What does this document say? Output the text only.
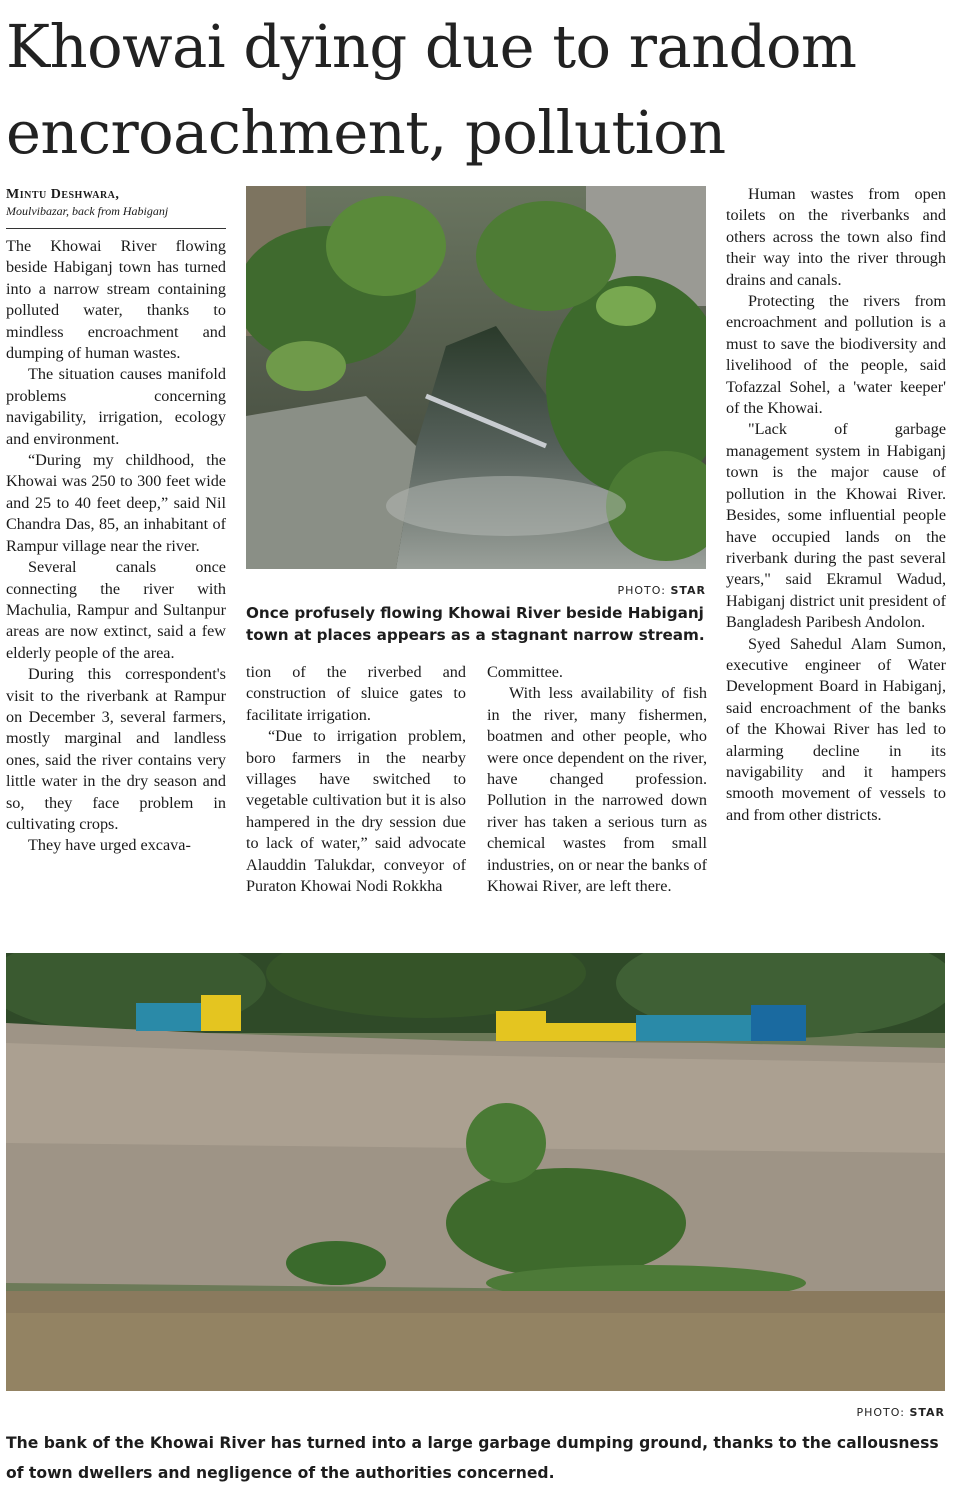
Khowai dying due to random encroachment, pollution
Mintu Deshwara,
Moulvibazar, back from Habiganj

The Khowai River flowing beside Habiganj town has turned into a narrow stream containing polluted water, thanks to mindless encroachment and dumping of human wastes.

The situation causes manifold problems concerning navigability, irrigation, ecology and environment.

“During my childhood, the Khowai was 250 to 300 feet wide and 25 to 40 feet deep,” said Nil Chandra Das, 85, an inhabitant of Rampur village near the river.

Several canals once connecting the river with Machulia, Rampur and Sultanpur areas are now extinct, said a few elderly people of the area.

During this correspondent's visit to the riverbank at Rampur on December 3, several farmers, mostly marginal and landless ones, said the river contains very little water in the dry season and so, they face problem in cultivating crops.

They have urged excava-

PHOTO: STAR
Once profusely flowing Khowai River beside Habiganj town at places appears as a stagnant narrow stream.

tion of the riverbed and construction of sluice gates to facilitate irrigation.

“Due to irrigation problem, boro farmers in the nearby villages have switched to vegetable cultivation but it is also hampered in the dry session due to lack of water,” said advocate Alauddin Talukdar, conveyor of Puraton Khowai Nodi Rokkha

Committee.

With less availability of fish in the river, many fishermen, boatmen and other people, who were once dependent on the river, have changed profession. Pollution in the narrowed down river has taken a serious turn as chemical wastes from small industries, on or near the banks of Khowai River, are left there.

Human wastes from open toilets on the riverbanks and others across the town also find their way into the river through drains and canals.

Protecting the rivers from encroachment and pollution is a must to save the biodiversity and livelihood of the people, said Tofazzal Sohel, a 'water keeper' of the Khowai.

"Lack of garbage management system in Habiganj town is the major cause of pollution in the Khowai River. Besides, some influential people have occupied lands on the riverbank during the past several years," said Ekramul Wadud, Habiganj district unit president of Bangladesh Paribesh Andolon.

Syed Sahedul Alam Sumon, executive engineer of Water Development Board in Habiganj, said encroachment of the banks of the Khowai River has led to alarming decline in its navigability and it hampers smooth movement of vessels to and from other districts.

PHOTO: STAR
The bank of the Khowai River has turned into a large garbage dumping ground, thanks to the callousness of town dwellers and negligence of the authorities concerned.
